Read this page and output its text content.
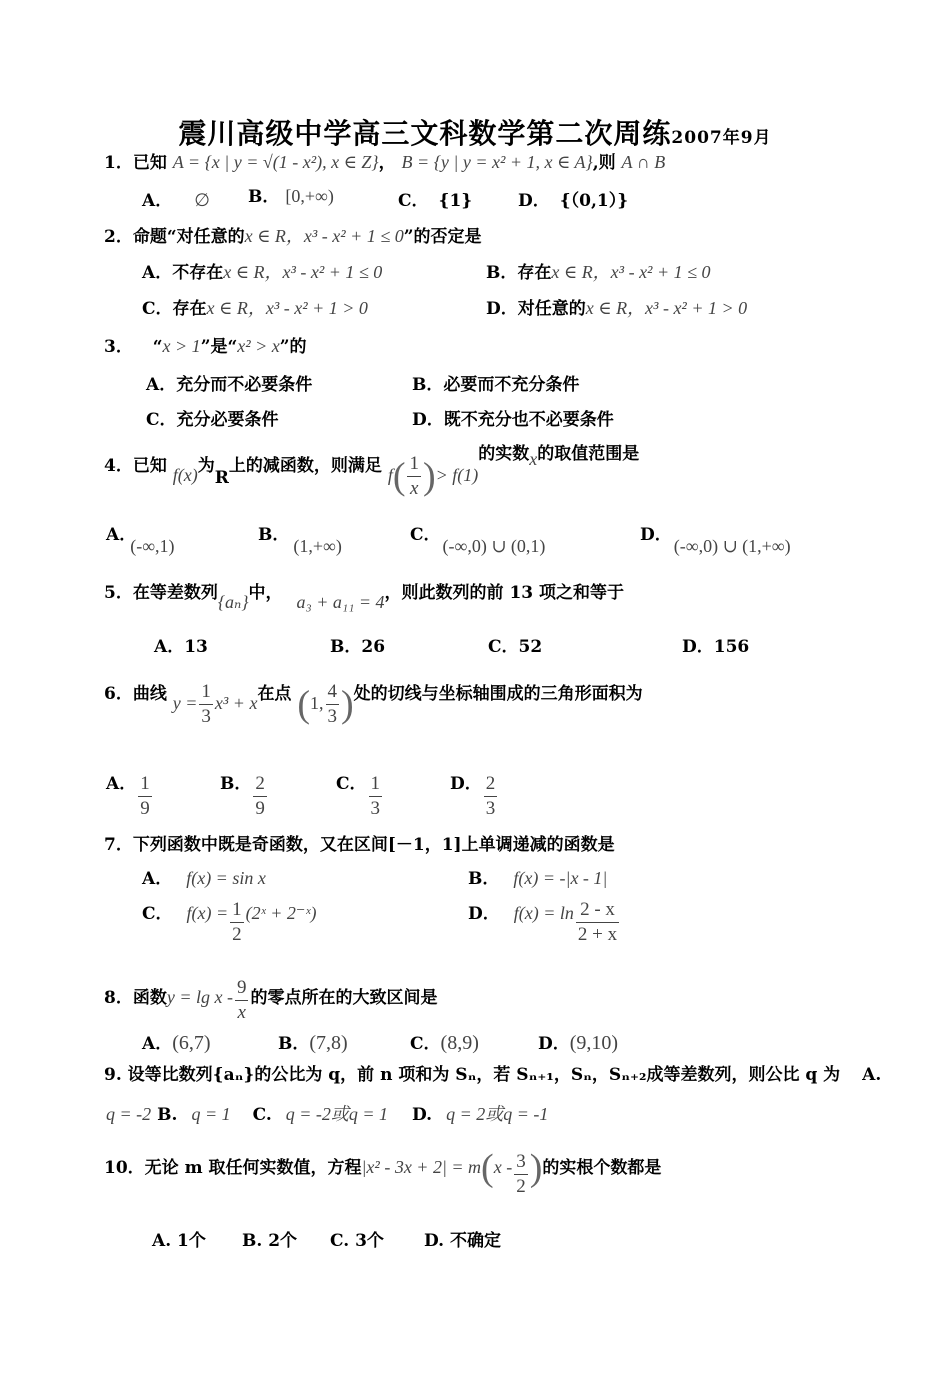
震川高级中学高三文科数学第二次周练2007年9月
1．已知 A = {x | y = √(1 - x²), x ∈ Z}， B = {y | y = x² + 1, x ∈ A},则 A ∩ B
A． ∅ B． [0,+∞)	C． {1}	D． {（0,1）}
2．命题“对任意的x ∈ R，x³ - x² + 1 ≤ 0”的否定是
A．不存在x ∈ R，x³ - x² + 1 ≤ 0	B．存在x ∈ R，x³ - x² + 1 ≤ 0
C．存在x ∈ R，x³ - x² + 1 > 0	D．对任意的x ∈ R，x³ - x² + 1 > 0
3． “x > 1”是“x² > x”的
A．充分而不必要条件	B．必要而不充分条件
C．充分必要条件	D．既不充分也不必要条件
4．已知 f(x)为R上的减函数，则满足 $f( \frac{1}{x}$ )> f(1)的实数x的取值范围是
A．(-∞,1)
B．(1,+∞)
C．(-∞,0) ∪ (0,1)
D．(-∞,0) ∪ (1,+∞)
5．在等差数列{aₙ}中， a₃ + a₁₁ = 4，则此数列的前 13 项之和等于
A．13	B．26	C．52	D．156
6．曲线 $y = \frac{1}{3} x^3 + x$在点 (1, $\frac{4}{3}$ )处的切线与坐标轴围成的三角形面积为
A． $\frac{1}{9}$	B． $\frac{2}{9}$	C． $\frac{1}{3}$	D． $\frac{2}{3}$
7．下列函数中既是奇函数，又在区间[－1，1]上单调递减的函数是
A． f(x) = sin x	B． f(x) = -|x - 1|
C． $f(x) = \frac{1}{2}$ (2ˣ + 2⁻ˣ)	D． $f(x) = \ln \frac{2 - x}{2 + x}$
8．函数$y = \lg x - \frac{9}{x}$ 的零点所在的大致区间是
A．(6,7)	B．(7,8)	C．(8,9)	D．(9,10)
9. 设等比数列{aₙ}的公比为 q，前 n 项和为 Sₙ，若 Sₙ₊₁，Sₙ，Sₙ₊₂成等差数列，则公比 q 为 A.
q = -2 B. q = 1 C. q = -2或q = 1 D. q = 2或q = -1
10．无论 m 取任何实数值，方程$|x^2 - 3x + 2| = m(x - \frac{3}{2}$ )的实根个数都是
A. 1个 B. 2个 C. 3个 D. 不确定
